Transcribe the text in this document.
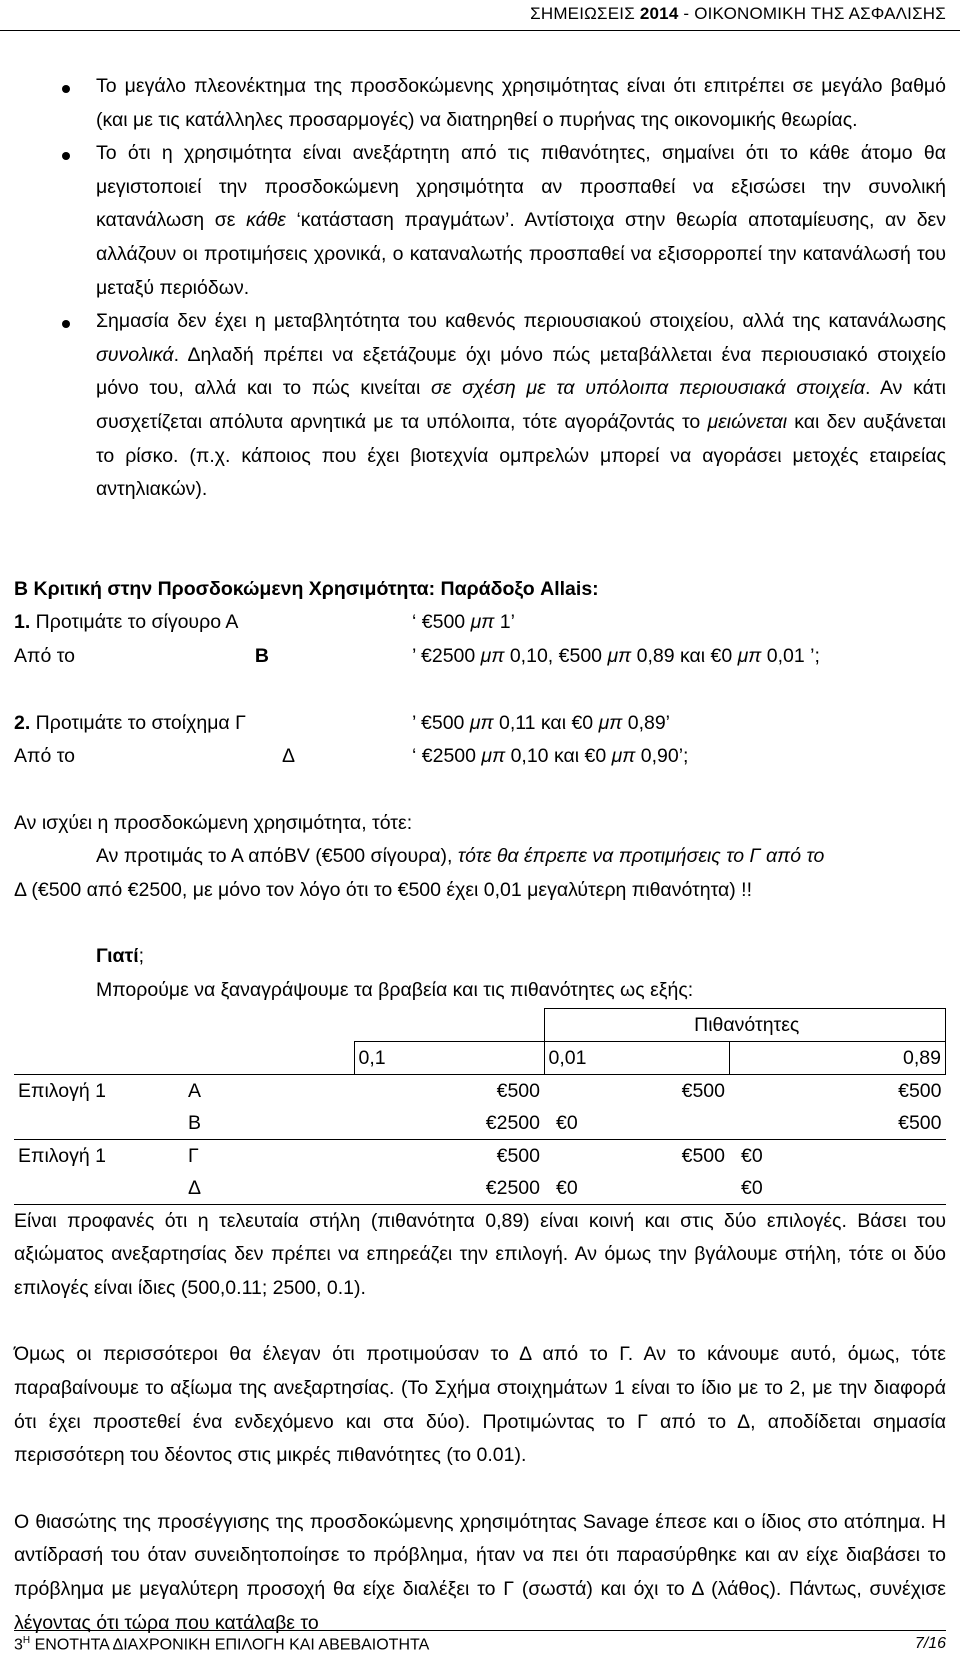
ΣΗΜΕΙΩΣΕΙΣ 2014 - ΟΙΚΟΝΟΜΙΚΗ ΤΗΣ ΑΣΦΑΛΙΣΗΣ
Το μεγάλο πλεονέκτημα της προσδοκώμενης χρησιμότητας είναι ότι επιτρέπει σε μεγάλο βαθμό (και με τις κατάλληλες προσαρμογές) να διατηρηθεί ο πυρήνας της οικονομικής θεωρίας.
Το ότι η χρησιμότητα είναι ανεξάρτητη από τις πιθανότητες, σημαίνει ότι το κάθε άτομο θα μεγιστοποιεί την προσδοκώμενη χρησιμότητα αν προσπαθεί να εξισώσει την συνολική κατανάλωση σε κάθε ‘κατάσταση πραγμάτων’. Αντίστοιχα στην θεωρία αποταμίευσης, αν δεν αλλάζουν οι προτιμήσεις χρονικά, ο καταναλωτής προσπαθεί να εξισορροπεί την κατανάλωσή του μεταξύ περιόδων.
Σημασία δεν έχει η μεταβλητότητα του καθενός περιουσιακού στοιχείου, αλλά της κατανάλωσης συνολικά. Δηλαδή πρέπει να εξετάζουμε όχι μόνο πώς μεταβάλλεται ένα περιουσιακό στοιχείο μόνο του, αλλά και το πώς κινείται σε σχέση με τα υπόλοιπα περιουσιακά στοιχεία. Αν κάτι συσχετίζεται απόλυτα αρνητικά με τα υπόλοιπα, τότε αγοράζοντάς το μειώνεται και δεν αυξάνεται το ρίσκο. (π.χ. κάποιος που έχει βιοτεχνία ομπρελών μπορεί να αγοράσει μετοχές εταιρείας αντηλιακών).
Β Κριτική στην Προσδοκώμενη Χρησιμότητα: Παράδοξο Allais:
1. Προτιμάτε το σίγουρο Α	‘ €500 μπ 1’
Από το	Β	’ €2500 μπ 0,10, €500 μπ 0,89 και €0 μπ 0,01 ’;
2. Προτιμάτε το στοίχημα Γ	’ €500 μπ 0,11 και €0 μπ 0,89’
Από το	Δ	‘ €2500 μπ 0,10 και €0 μπ 0,90’;
Αν ισχύει η προσδοκώμενη χρησιμότητα, τότε:
Αν προτιμάς το Α απόΒV (€500 σίγουρα), τότε θα έπρεπε να προτιμήσεις το Γ από το
Δ (€500 από €2500, με μόνο τον λόγο ότι το €500 έχει 0,01 μεγαλύτερη πιθανότητα) !!
Γιατί;
Μπορούμε να ξαναγράψουμε τα βραβεία και τις πιθανότητες ως εξής:
			Πιθανότητες	
		0,1	0,01	0,89
Επιλογή 1	Α	€500	€500	€500
	Β	€2500	€0	€500
Επιλογή 1	Γ	€500	€500	€0
	Δ	€2500	€0	€0
Είναι προφανές ότι η τελευταία στήλη (πιθανότητα 0,89) είναι κοινή και στις δύο επιλογές. Βάσει του αξιώματος ανεξαρτησίας δεν πρέπει να επηρεάζει την επιλογή. Αν όμως την βγάλουμε στήλη, τότε οι δύο επιλογές είναι ίδιες (500,0.11; 2500, 0.1).
Όμως οι περισσότεροι θα έλεγαν ότι προτιμούσαν το Δ από το Γ. Αν το κάνουμε αυτό, όμως, τότε παραβαίνουμε το αξίωμα της ανεξαρτησίας. (Το Σχήμα στοιχημάτων 1 είναι το ίδιο με το 2, με την διαφορά ότι έχει προστεθεί ένα ενδεχόμενο και στα δύο). Προτιμώντας το Γ από το Δ, αποδίδεται σημασία περισσότερη του δέοντος στις μικρές πιθανότητες (το 0.01).
Ο θιασώτης της προσέγγισης της προσδοκώμενης χρησιμότητας Savage έπεσε και ο ίδιος στο ατόπημα. Η αντίδρασή του όταν συνειδητοποίησε το πρόβλημα, ήταν να πει ότι παρασύρθηκε και αν είχε διαβάσει το πρόβλημα με μεγαλύτερη προσοχή θα είχε διαλέξει το Γ (σωστά) και όχι το Δ (λάθος). Πάντως, συνέχισε λέγοντας ότι τώρα που κατάλαβε το
$3^H$ ΕΝΟΤΗΤΑ ΔΙΑΧΡΟΝΙΚΗ ΕΠΙΛΟΓΗ ΚΑΙ ΑΒΕΒΑΙΟΤΗΤΑ	7/16
